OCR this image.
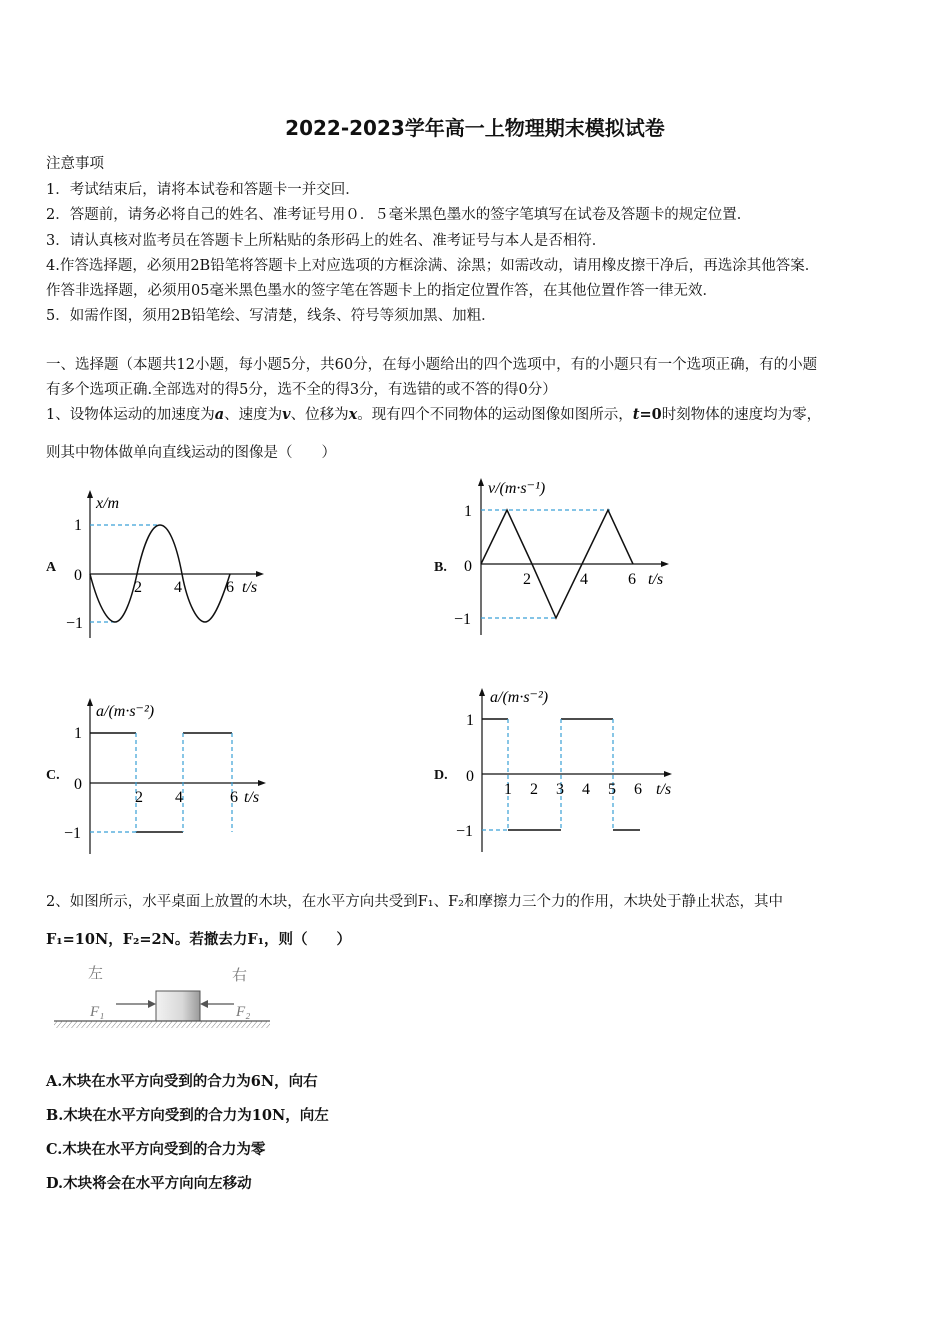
2022-2023学年高一上物理期末模拟试卷
注意事项
1．考试结束后，请将本试卷和答题卡一并交回．
2．答题前，请务必将自己的姓名、准考证号用０．５毫米黑色墨水的签字笔填写在试卷及答题卡的规定位置．
3．请认真核对监考员在答题卡上所粘贴的条形码上的姓名、准考证号与本人是否相符．
4.作答选择题，必须用2B铅笔将答题卡上对应选项的方框涂满、涂黑；如需改动，请用橡皮擦干净后，再选涂其他答案．
作答非选择题，必须用05毫米黑色墨水的签字笔在答题卡上的指定位置作答，在其他位置作答一律无效．
5．如需作图，须用2B铅笔绘、写清楚，线条、符号等须加黑、加粗．
一、选择题（本题共12小题，每小题5分，共60分，在每小题给出的四个选项中，有的小题只有一个选项正确，有的小题
有多个选项正确.全部选对的得5分，选不全的得3分，有选错的或不答的得0分）
1、设物体运动的加速度为a、速度为v、位移为x。现有四个不同物体的运动图像如图所示，t=0时刻物体的速度均为零，
则其中物体做单向直线运动的图像是（　　）
A
x/m
1
0
−1
2 4	6 t/s
B.
v/(m·s⁻¹)
1
0
−1
2	4	6 t/s
C.
a/(m·s⁻²)
1
0
−1
2 4	6 t/s
D.
a/(m·s⁻²)
1
0
−1
1 2 3 4 5 6 t/s
2、如图所示，水平桌面上放置的木块，在水平方向共受到F₁、F₂和摩擦力三个力的作用，木块处于静止状态，其中
F₁=10N，F₂=2N。若撤去力F₁，则（　　）
左	右
F₁	F₂
A.木块在水平方向受到的合力为6N，向右
B.木块在水平方向受到的合力为10N，向左
C.木块在水平方向受到的合力为零
D.木块将会在水平方向向左移动
